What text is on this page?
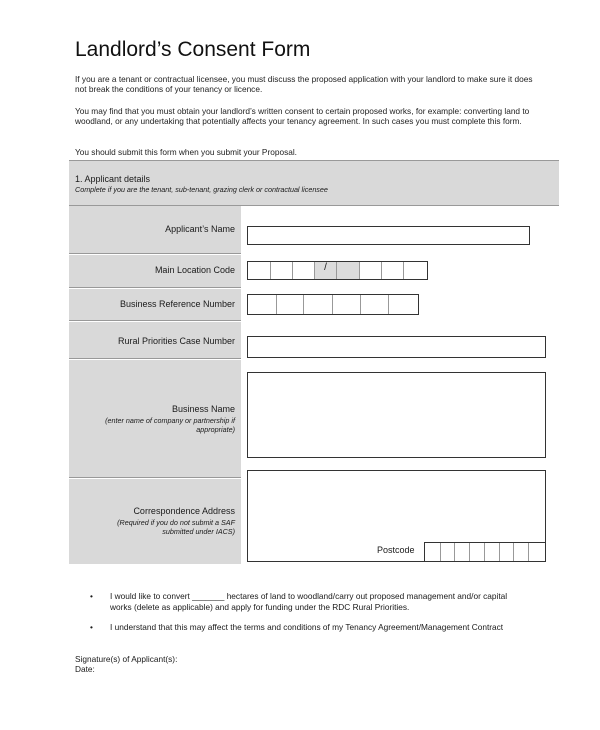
Landlord’s Consent Form
If you are a tenant or contractual licensee, you must discuss the proposed application with your landlord to make sure it does not break the conditions of your tenancy or licence.
You may find that you must obtain your landlord’s written consent to certain proposed works, for example: converting land to woodland, or any undertaking that potentially affects your tenancy agreement. In such cases you must complete this form.
You should submit this form when you submit your Proposal.
1. Applicant details
Complete if you are the tenant, sub-tenant, grazing clerk or contractual licensee
Applicant’s Name
Main Location Code	/
Business Reference Number
Rural Priorities Case Number
Business Name
(enter name of company or partnership if appropriate)
Correspondence Address
(Required if you do not submit a SAF submitted under IACS)
Postcode
• I would like to convert _______ hectares of land to woodland/carry out proposed management and/or capital works (delete as applicable) and apply for funding under the RDC Rural Priorities.
• I understand that this may affect the terms and conditions of my Tenancy Agreement/Management Contract
Signature(s) of Applicant(s):
Date:
